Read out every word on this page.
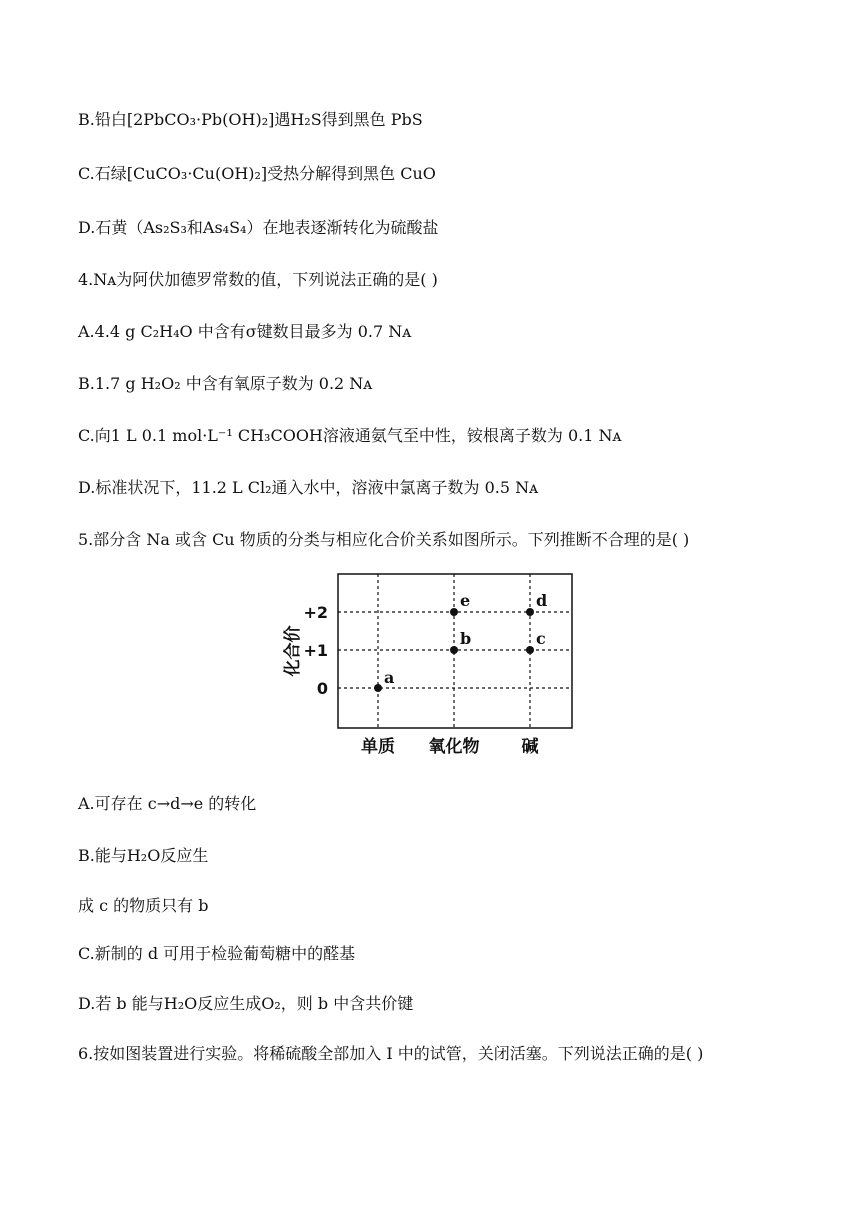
B.铅白[2PbCO₃·Pb(OH)₂]遇H₂S得到黑色 PbS
C.石绿[CuCO₃·Cu(OH)₂]受热分解得到黑色 CuO
D.石黄（As₂S₃和As₄S₄）在地表逐渐转化为硫酸盐
4.Nᴀ为阿伏加德罗常数的值，下列说法正确的是( )
A.4.4 g C₂H₄O 中含有σ键数目最多为 0.7 Nᴀ
B.1.7 g H₂O₂ 中含有氧原子数为 0.2 Nᴀ
C.向1 L 0.1 mol·L⁻¹ CH₃COOH溶液通氨气至中性，铵根离子数为 0.1 Nᴀ
D.标准状况下，11.2 L Cl₂通入水中，溶液中氯离子数为 0.5 Nᴀ
5.部分含 Na 或含 Cu 物质的分类与相应化合价关系如图所示。下列推断不合理的是( )
化合价
+2
+1
0
单质 氧化物 碱
a
b	c
d
e
A.可存在 c→d→e 的转化
B.能与H₂O反应生
成 c 的物质只有 b
C.新制的 d 可用于检验葡萄糖中的醛基
D.若 b 能与H₂O反应生成O₂，则 b 中含共价键
6.按如图装置进行实验。将稀硫酸全部加入 I 中的试管，关闭活塞。下列说法正确的是( )
